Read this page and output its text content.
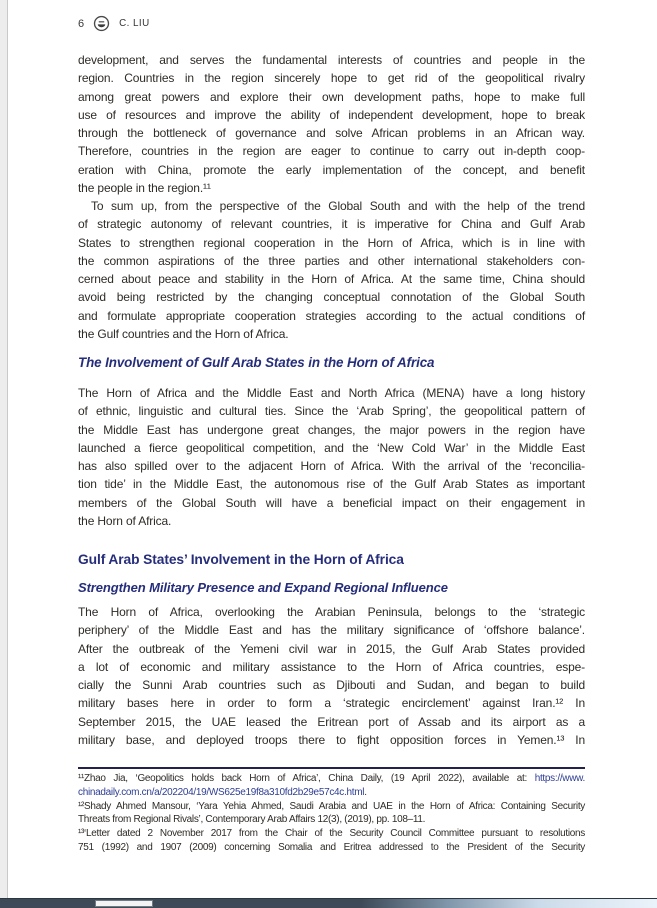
6	C. LIU
development, and serves the fundamental interests of countries and people in the
region. Countries in the region sincerely hope to get rid of the geopolitical rivalry
among great powers and explore their own development paths, hope to make full
use of resources and improve the ability of independent development, hope to break
through the bottleneck of governance and solve African problems in an African way.
Therefore, countries in the region are eager to continue to carry out in-depth coop-
eration with China, promote the early implementation of the concept, and benefit
the people in the region.¹¹
To sum up, from the perspective of the Global South and with the help of the trend
of strategic autonomy of relevant countries, it is imperative for China and Gulf Arab
States to strengthen regional cooperation in the Horn of Africa, which is in line with
the common aspirations of the three parties and other international stakeholders con-
cerned about peace and stability in the Horn of Africa. At the same time, China should
avoid being restricted by the changing conceptual connotation of the Global South
and formulate appropriate cooperation strategies according to the actual conditions of
the Gulf countries and the Horn of Africa.
The Involvement of Gulf Arab States in the Horn of Africa
The Horn of Africa and the Middle East and North Africa (MENA) have a long history
of ethnic, linguistic and cultural ties. Since the ‘Arab Spring’, the geopolitical pattern of
the Middle East has undergone great changes, the major powers in the region have
launched a fierce geopolitical competition, and the ‘New Cold War’ in the Middle East
has also spilled over to the adjacent Horn of Africa. With the arrival of the ‘reconcilia-
tion tide’ in the Middle East, the autonomous rise of the Gulf Arab States as important
members of the Global South will have a beneficial impact on their engagement in
the Horn of Africa.
Gulf Arab States’ Involvement in the Horn of Africa
Strengthen Military Presence and Expand Regional Influence
The Horn of Africa, overlooking the Arabian Peninsula, belongs to the ‘strategic
periphery’ of the Middle East and has the military significance of ‘offshore balance’.
After the outbreak of the Yemeni civil war in 2015, the Gulf Arab States provided
a lot of economic and military assistance to the Horn of Africa countries, espe-
cially the Sunni Arab countries such as Djibouti and Sudan, and began to build
military bases here in order to form a ‘strategic encirclement’ against Iran.¹² In
September 2015, the UAE leased the Eritrean port of Assab and its airport as a
military base, and deployed troops there to fight opposition forces in Yemen.¹³ In
¹¹Zhao Jia, ‘Geopolitics holds back Horn of Africa’, China Daily, (19 April 2022), available at: https://www.
chinadaily.com.cn/a/202204/19/WS625e19f8a310fd2b29e57c4c.html.
¹²Shady Ahmed Mansour, ‘Yara Yehia Ahmed, Saudi Arabia and UAE in the Horn of Africa: Containing Security
Threats from Regional Rivals’, Contemporary Arab Affairs 12(3), (2019), pp. 108–11.
¹³‘Letter dated 2 November 2017 from the Chair of the Security Council Committee pursuant to resolutions
751 (1992) and 1907 (2009) concerning Somalia and Eritrea addressed to the President of the Security
